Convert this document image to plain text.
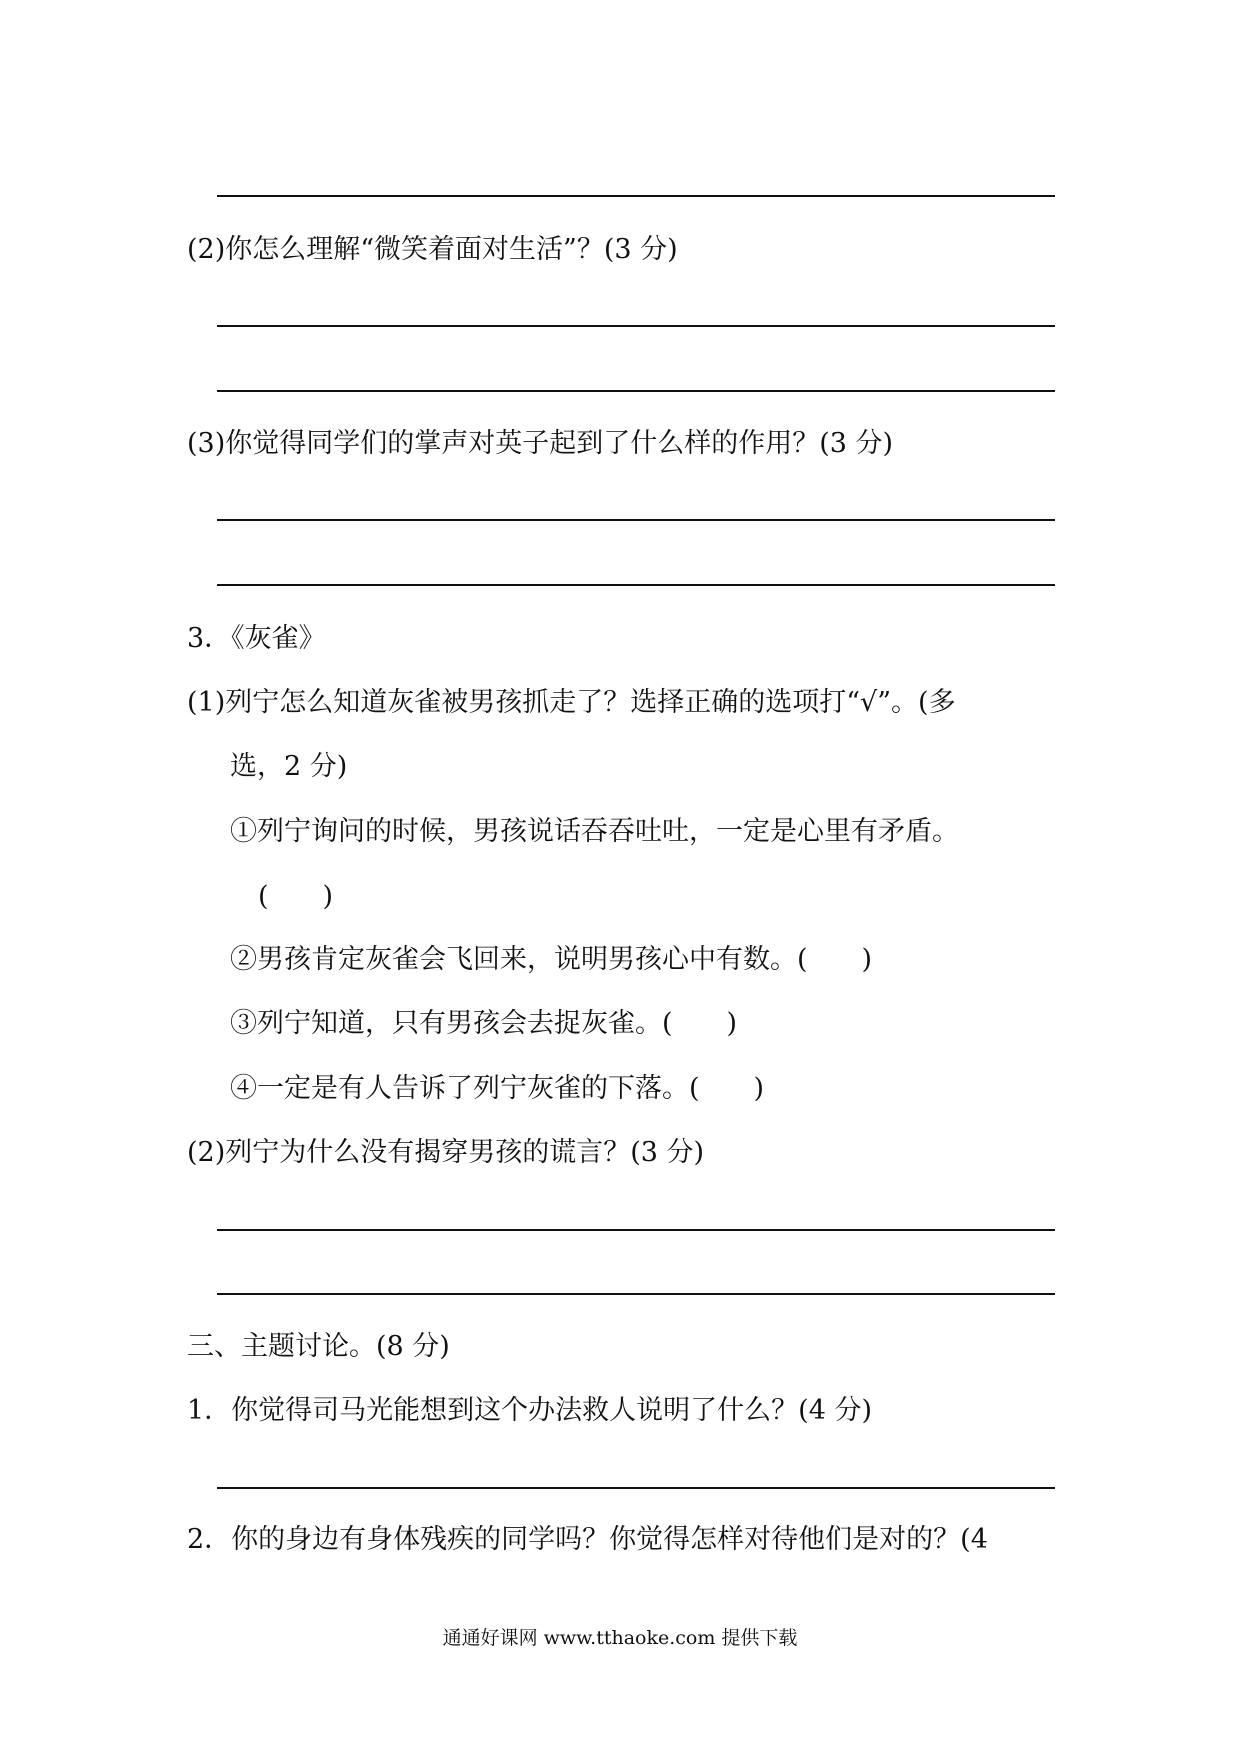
(2)你怎么理解“微笑着面对生活”？(3 分)
(3)你觉得同学们的掌声对英子起到了什么样的作用？(3 分)
3．《灰雀》
(1)列宁怎么知道灰雀被男孩抓走了？选择正确的选项打“√”。(多
选，2 分)
①列宁询问的时候，男孩说话吞吞吐吐，一定是心里有矛盾。
(　　)
②男孩肯定灰雀会飞回来，说明男孩心中有数。(　　)
③列宁知道，只有男孩会去捉灰雀。(　　)
④一定是有人告诉了列宁灰雀的下落。(　　)
(2)列宁为什么没有揭穿男孩的谎言？(3 分)
三、主题讨论。(8 分)
1．你觉得司马光能想到这个办法救人说明了什么？(4 分)
2．你的身边有身体残疾的同学吗？你觉得怎样对待他们是对的？(4
通通好课网 www.tthaoke.com 提供下载
